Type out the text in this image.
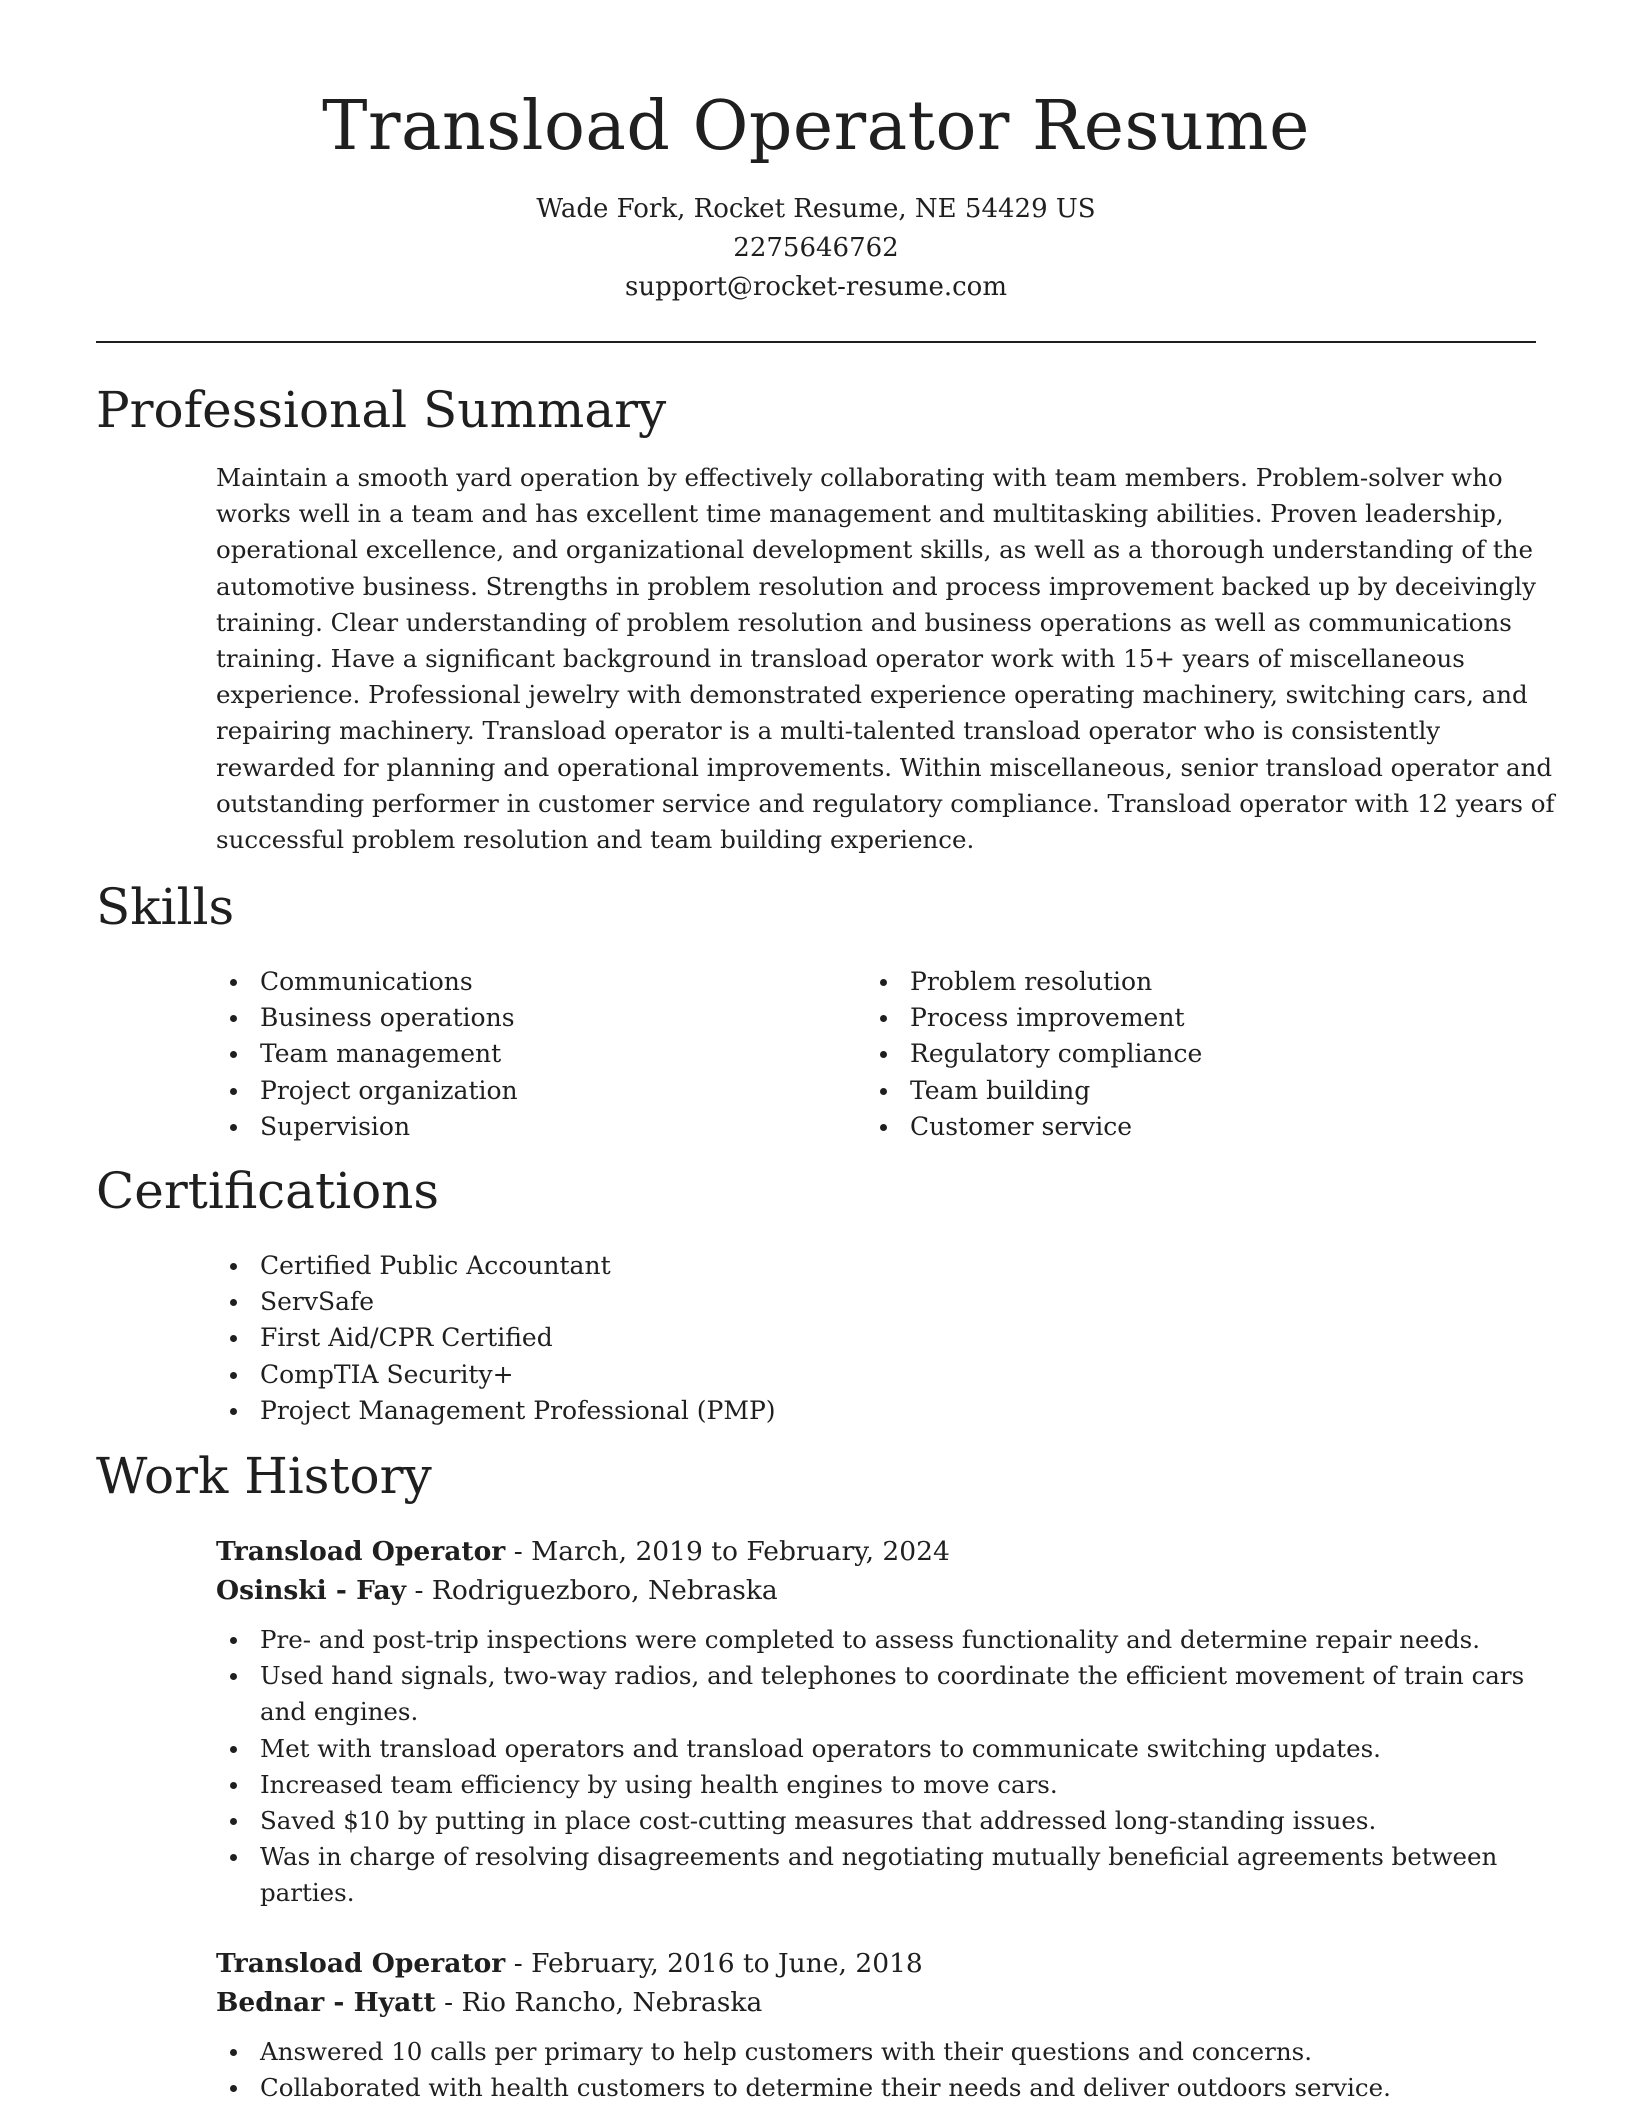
Transload Operator Resume
Wade Fork, Rocket Resume, NE 54429 US
2275646762
support@rocket-resume.com
Professional Summary

Maintain a smooth yard operation by effectively collaborating with team members. Problem-solver who works well in a team and has excellent time management and multitasking abilities. Proven leadership, operational excellence, and organizational development skills, as well as a thorough understanding of the automotive business. Strengths in problem resolution and process improvement backed up by deceivingly training. Clear understanding of problem resolution and business operations as well as communications training. Have a significant background in transload operator work with 15+ years of miscellaneous experience. Professional jewelry with demonstrated experience operating machinery, switching cars, and repairing machinery. Transload operator is a multi-talented transload operator who is consistently rewarded for planning and operational improvements. Within miscellaneous, senior transload operator and outstanding performer in customer service and regulatory compliance. Transload operator with 12 years of successful problem resolution and team building experience.

Skills
Communications
Business operations
Team management
Project organization
Supervision
Problem resolution
Process improvement
Regulatory compliance
Team building
Customer service
Certifications
Certified Public Accountant
ServSafe
First Aid/CPR Certified
CompTIA Security+
Project Management Professional (PMP)
Work History
Transload Operator - March, 2019 to February, 2024
Osinski - Fay - Rodriguezboro, Nebraska
Pre- and post-trip inspections were completed to assess functionality and determine repair needs.
Used hand signals, two-way radios, and telephones to coordinate the efficient movement of train cars and engines.
Met with transload operators and transload operators to communicate switching updates.
Increased team efficiency by using health engines to move cars.
Saved $10 by putting in place cost-cutting measures that addressed long-standing issues.
Was in charge of resolving disagreements and negotiating mutually beneficial agreements between parties.
Transload Operator - February, 2016 to June, 2018
Bednar - Hyatt - Rio Rancho, Nebraska
Answered 10 calls per primary to help customers with their questions and concerns.
Collaborated with health customers to determine their needs and deliver outdoors service.
